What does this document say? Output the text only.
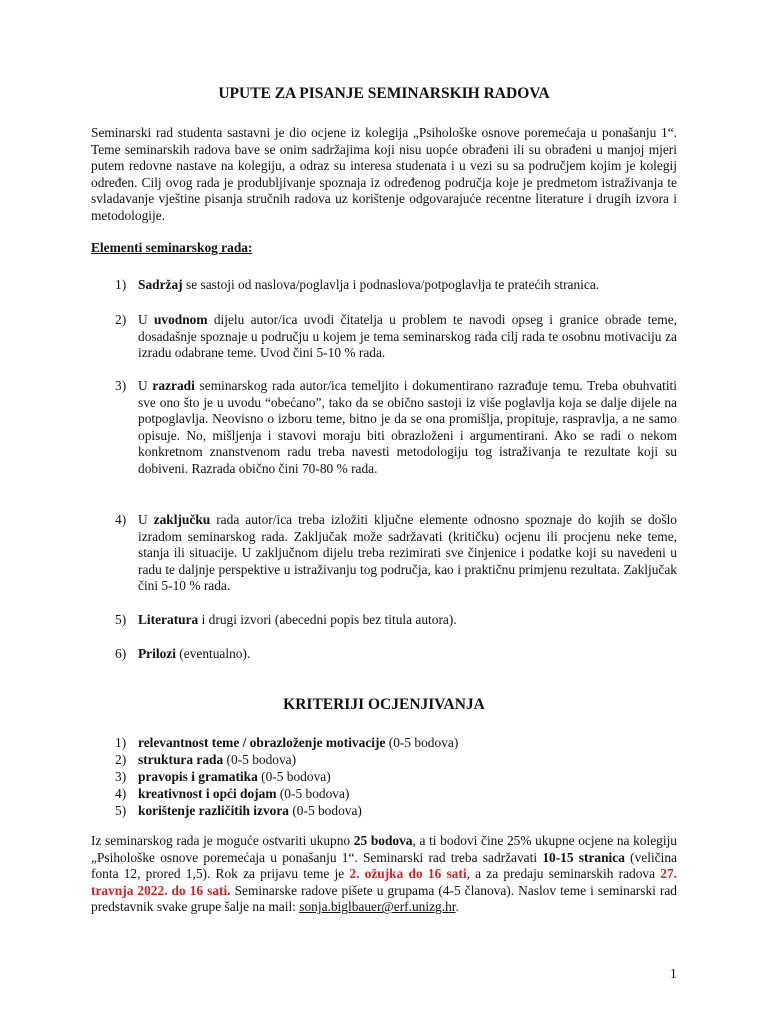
UPUTE ZA PISANJE SEMINARSKIH RADOVA
Seminarski rad studenta sastavni je dio ocjene iz kolegija „Psihološke osnove poremećaja u ponašanju 1“. Teme seminarskih radova bave se onim sadržajima koji nisu uopće obrađeni ili su obrađeni u manjoj mjeri putem redovne nastave na kolegiju, a odraz su interesa studenata i u vezi su sa područjem kojim je kolegij određen. Cilj ovog rada je produbljivanje spoznaja iz određenog područja koje je predmetom istraživanja te svladavanje vještine pisanja stručnih radova uz korištenje odgovarajuće recentne literature i drugih izvora i metodologije.
Elementi seminarskog rada:
1) Sadržaj se sastoji od naslova/poglavlja i podnaslova/potpoglavlja te pratećih stranica.
2) U uvodnom dijelu autor/ica uvodi čitatelja u problem te navodi opseg i granice obrade teme, dosadašnje spoznaje u području u kojem je tema seminarskog rada cilj rada te osobnu motivaciju za izradu odabrane teme. Uvod čini 5-10 % rada.
3) U razradi seminarskog rada autor/ica temeljito i dokumentirano razrađuje temu. Treba obuhvatiti sve ono što je u uvodu “obećano”, tako da se obično sastoji iz više poglavlja koja se dalje dijele na potpoglavlja. Neovisno o izboru teme, bitno je da se ona promišlja, propituje, raspravlja, a ne samo opisuje. No, mišljenja i stavovi moraju biti obrazloženi i argumentirani. Ako se radi o nekom konkretnom znanstvenom radu treba navesti metodologiju tog istraživanja te rezultate koji su dobiveni. Razrada obično čini 70-80 % rada.
4) U zaključku rada autor/ica treba izložiti ključne elemente odnosno spoznaje do kojih se došlo izradom seminarskog rada. Zaključak može sadržavati (kritičku) ocjenu ili procjenu neke teme, stanja ili situacije. U zaključnom dijelu treba rezimirati sve činjenice i podatke koji su navedeni u radu te daljnje perspektive u istraživanju tog područja, kao i praktičnu primjenu rezultata. Zaključak čini 5-10 % rada.
5) Literatura i drugi izvori (abecedni popis bez titula autora).
6) Prilozi (eventualno).
KRITERIJI OCJENJIVANJA
1) relevantnost teme / obrazloženje motivacije (0-5 bodova)
2) struktura rada (0-5 bodova)
3) pravopis i gramatika (0-5 bodova)
4) kreativnost i opći dojam (0-5 bodova)
5) korištenje različitih izvora (0-5 bodova)
Iz seminarskog rada je moguće ostvariti ukupno 25 bodova, a ti bodovi čine 25% ukupne ocjene na kolegiju „Psihološke osnove poremećaja u ponašanju 1“. Seminarski rad treba sadržavati 10-15 stranica (veličina fonta 12, prored 1,5). Rok za prijavu teme je 2. ožujka do 16 sati, a za predaju seminarskih radova 27. travnja 2022. do 16 sati. Seminarske radove pišete u grupama (4-5 članova). Naslov teme i seminarski rad predstavnik svake grupe šalje na mail: sonja.biglbauer@erf.unizg.hr.
1
